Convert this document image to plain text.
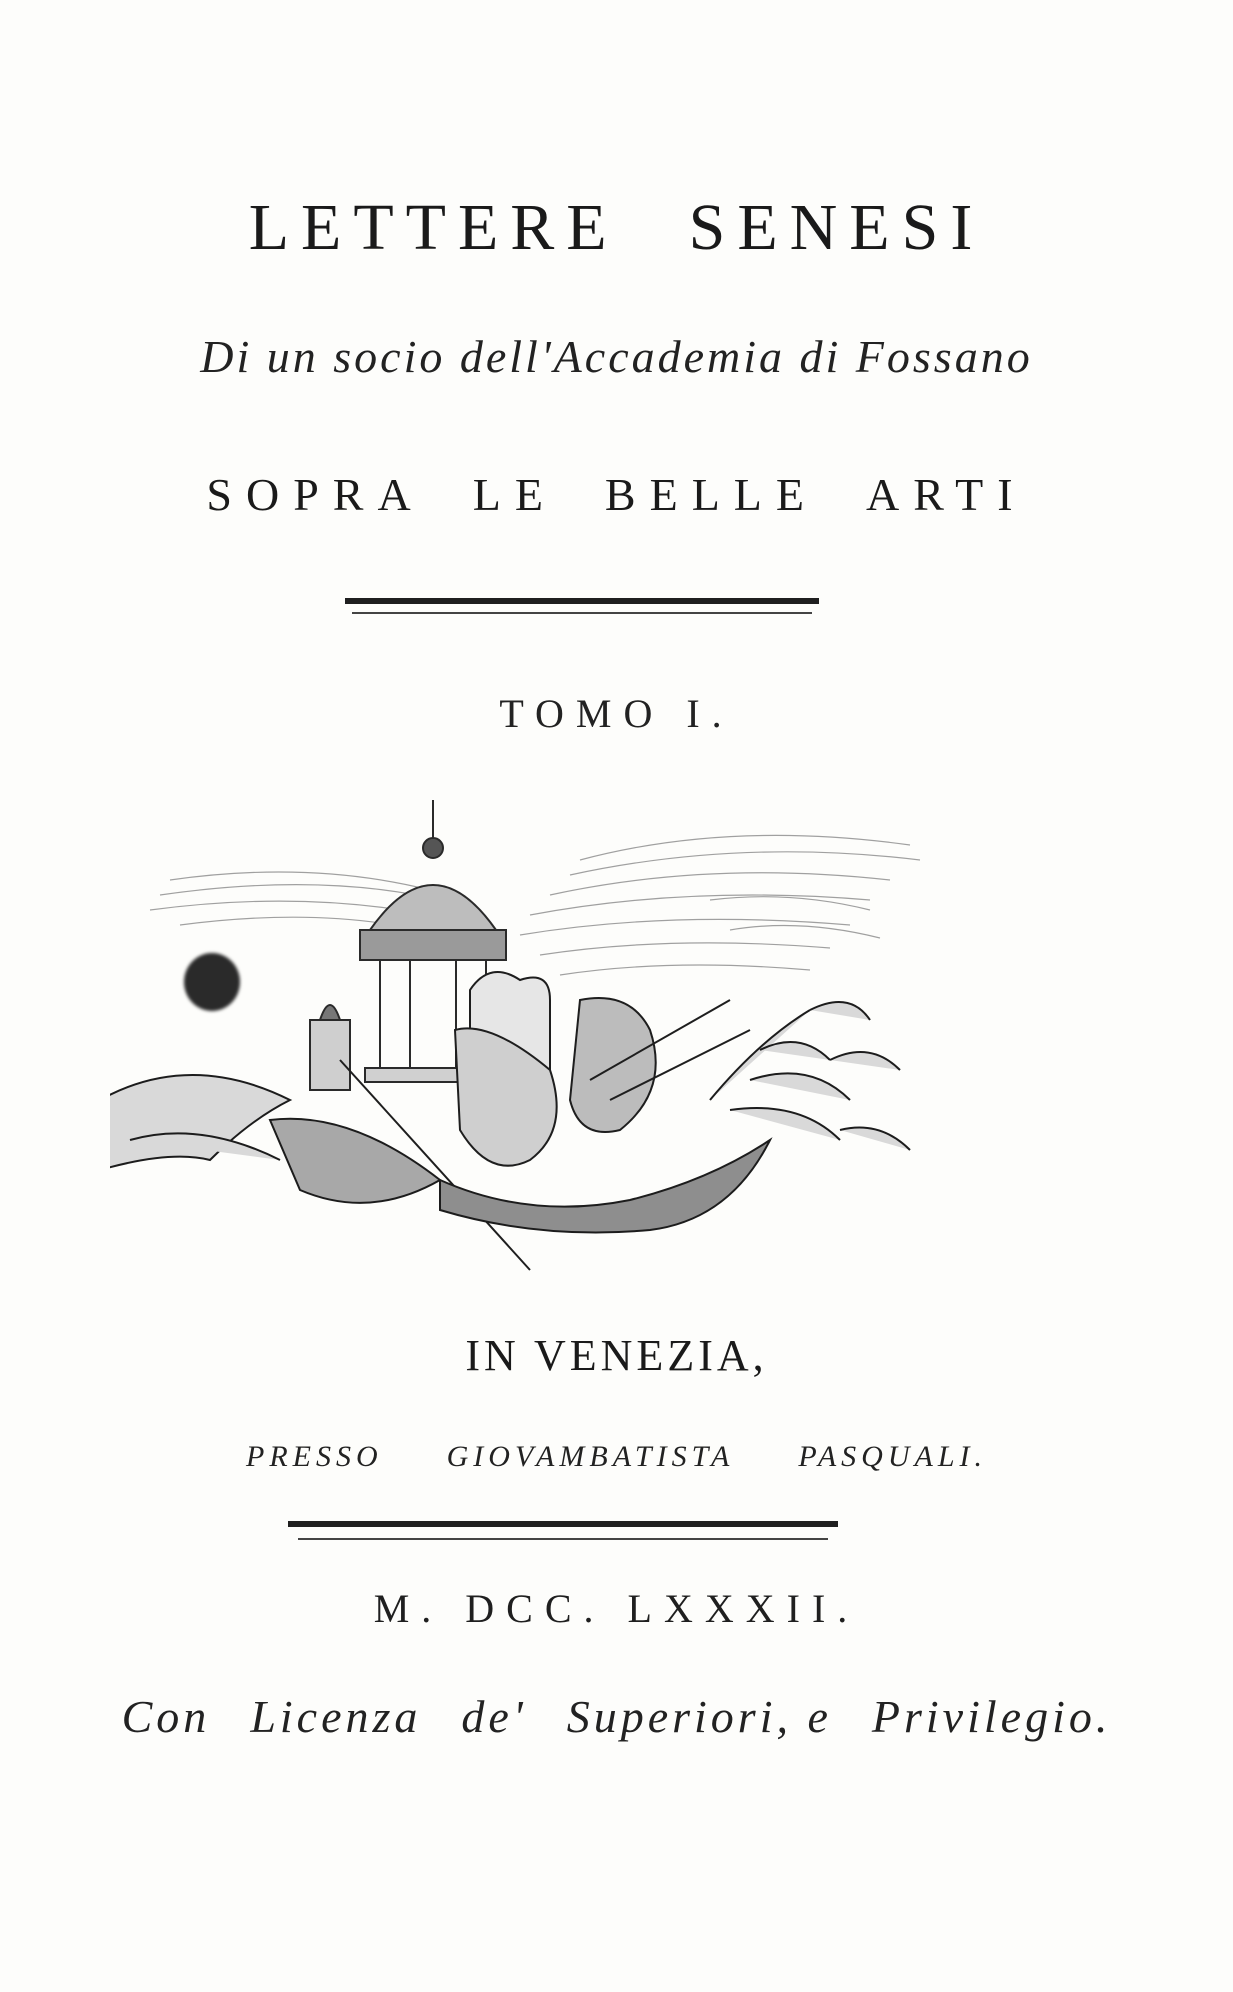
LETTERE SENESI
Di un socio dell'Accademia di Fossano
SOPRA LE BELLE ARTI
TOMO I.
IN VENEZIA,
PRESSO GIOVAMBATISTA PASQUALI.
M. DCC. LXXXII.
Con Licenza de' Superiori, e Privilegio.
